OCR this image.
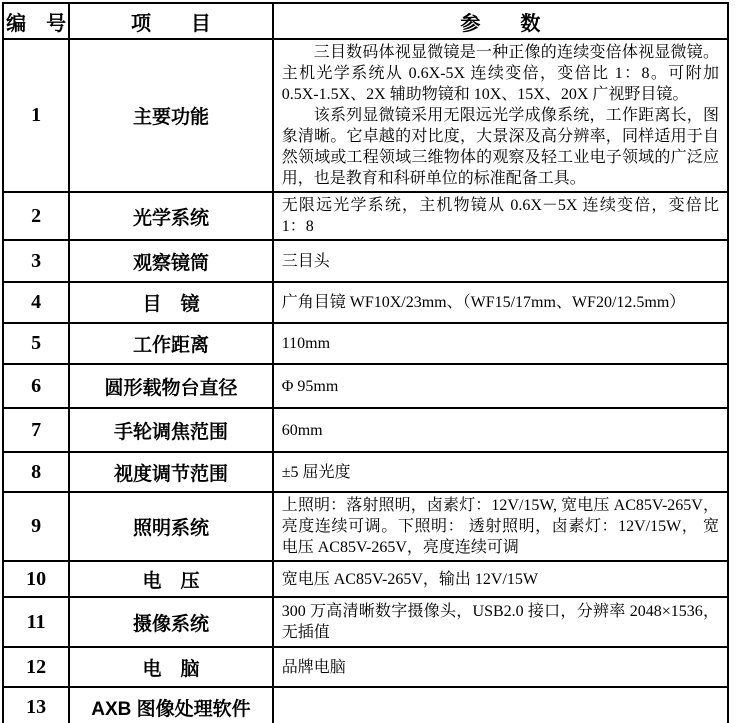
编　号	项　　目	参　　数
1	主要功能	三目数码体视显微镜是一种正像的连续变倍体视显微镜。主机光学系统从 0.6X-5X 连续变倍，变倍比 1：8。可附加 0.5X-1.5X、2X 辅助物镜和 10X、15X、20X 广视野目镜。

该系列显微镜采用无限远光学成像系统，工作距离长，图象清晰。它卓越的对比度，大景深及高分辨率，同样适用于自然领域或工程领域三维物体的观察及轻工业电子领域的广泛应用，也是教育和科研单位的标准配备工具。

2	光学系统	无限远光学系统，主机物镜从 0.6X－5X 连续变倍，变倍比 1：8
3	观察镜筒	三目头
4	目　镜	广角目镜 WF10X/23mm、（WF15/17mm、WF20/12.5mm）
5	工作距离	110mm
6	圆形载物台直径	Φ 95mm
7	手轮调焦范围	60mm
8	视度调节范围	±5 屈光度
9	照明系统	上照明：落射照明，卤素灯：12V/15W, 宽电压 AC85V-265V，亮度连续可调。下照明： 透射照明，卤素灯：12V/15W， 宽电压 AC85V-265V，亮度连续可调
10	电　压	宽电压 AC85V-265V，输出 12V/15W
11	摄像系统	300 万高清晰数字摄像头，USB2.0 接口，分辨率 2048×1536，无插值
12	电　脑	品牌电脑
13	AXB 图像处理软件	
